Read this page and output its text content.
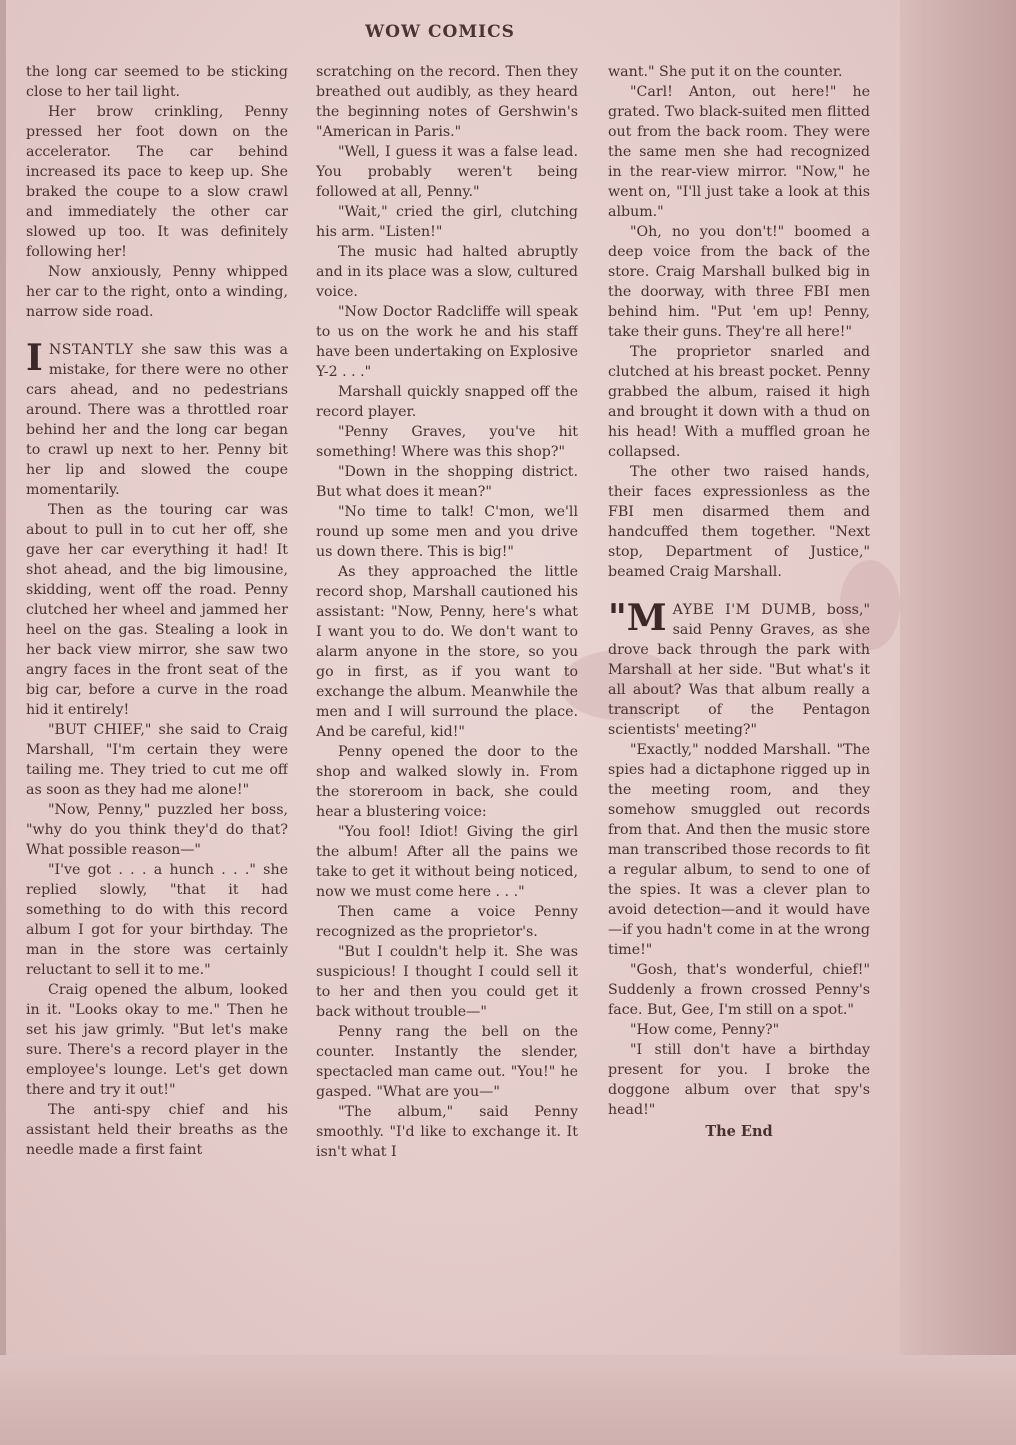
WOW COMICS

the long car seemed to be sticking close to her tail light.

Her brow crinkling, Penny pressed her foot down on the accelerator. The car behind increased its pace to keep up. She braked the coupe to a slow crawl and immediately the other car slowed up too. It was definitely following her!

Now anxiously, Penny whipped her car to the right, onto a winding, narrow side road.

INSTANTLY she saw this was a mistake, for there were no other cars ahead, and no pedestrians around. There was a throttled roar behind her and the long car began to crawl up next to her. Penny bit her lip and slowed the coupe momentarily.

Then as the touring car was about to pull in to cut her off, she gave her car everything it had! It shot ahead, and the big limousine, skidding, went off the road. Penny clutched her wheel and jammed her heel on the gas. Stealing a look in her back view mirror, she saw two angry faces in the front seat of the big car, before a curve in the road hid it entirely!

"BUT CHIEF," she said to Craig Marshall, "I'm certain they were tailing me. They tried to cut me off as soon as they had me alone!"

"Now, Penny," puzzled her boss, "why do you think they'd do that? What possible reason—"

"I've got . . . a hunch . . ." she replied slowly, "that it had something to do with this record album I got for your birthday. The man in the store was certainly reluctant to sell it to me."

Craig opened the album, looked in it. "Looks okay to me." Then he set his jaw grimly. "But let's make sure. There's a record player in the employee's lounge. Let's get down there and try it out!"

The anti-spy chief and his assistant held their breaths as the needle made a first faint

scratching on the record. Then they breathed out audibly, as they heard the beginning notes of Gershwin's "American in Paris."

"Well, I guess it was a false lead. You probably weren't being followed at all, Penny."

"Wait," cried the girl, clutching his arm. "Listen!"

The music had halted abruptly and in its place was a slow, cultured voice.

"Now Doctor Radcliffe will speak to us on the work he and his staff have been undertaking on Explosive Y-2 . . ."

Marshall quickly snapped off the record player.

"Penny Graves, you've hit something! Where was this shop?"

"Down in the shopping district. But what does it mean?"

"No time to talk! C'mon, we'll round up some men and you drive us down there. This is big!"

As they approached the little record shop, Marshall cautioned his assistant: "Now, Penny, here's what I want you to do. We don't want to alarm anyone in the store, so you go in first, as if you want to exchange the album. Meanwhile the men and I will surround the place. And be careful, kid!"

Penny opened the door to the shop and walked slowly in. From the storeroom in back, she could hear a blustering voice:

"You fool! Idiot! Giving the girl the album! After all the pains we take to get it without being noticed, now we must come here . . ."

Then came a voice Penny recognized as the proprietor's.

"But I couldn't help it. She was suspicious! I thought I could sell it to her and then you could get it back without trouble—"

Penny rang the bell on the counter. Instantly the slender, spectacled man came out. "You!" he gasped. "What are you—"

"The album," said Penny smoothly. "I'd like to exchange it. It isn't what I

want." She put it on the counter.

"Carl! Anton, out here!" he grated. Two black-suited men flitted out from the back room. They were the same men she had recognized in the rear-view mirror. "Now," he went on, "I'll just take a look at this album."

"Oh, no you don't!" boomed a deep voice from the back of the store. Craig Marshall bulked big in the doorway, with three FBI men behind him. "Put 'em up! Penny, take their guns. They're all here!"

The proprietor snarled and clutched at his breast pocket. Penny grabbed the album, raised it high and brought it down with a thud on his head! With a muffled groan he collapsed.

The other two raised hands, their faces expressionless as the FBI men disarmed them and handcuffed them together. "Next stop, Department of Justice," beamed Craig Marshall.

"M AYBE I'M DUMB, boss," said Penny Graves, as she drove back through the park with Marshall at her side. "But what's it all about? Was that album really a transcript of the Pentagon scientists' meeting?"

"Exactly," nodded Marshall. "The spies had a dictaphone rigged up in the meeting room, and they somehow smuggled out records from that. And then the music store man transcribed those records to fit a regular album, to send to one of the spies. It was a clever plan to avoid detection—and it would have—if you hadn't come in at the wrong time!"

"Gosh, that's wonderful, chief!" Suddenly a frown crossed Penny's face. But, Gee, I'm still on a spot."

"How come, Penny?"

"I still don't have a birthday present for you. I broke the doggone album over that spy's head!"

The End
